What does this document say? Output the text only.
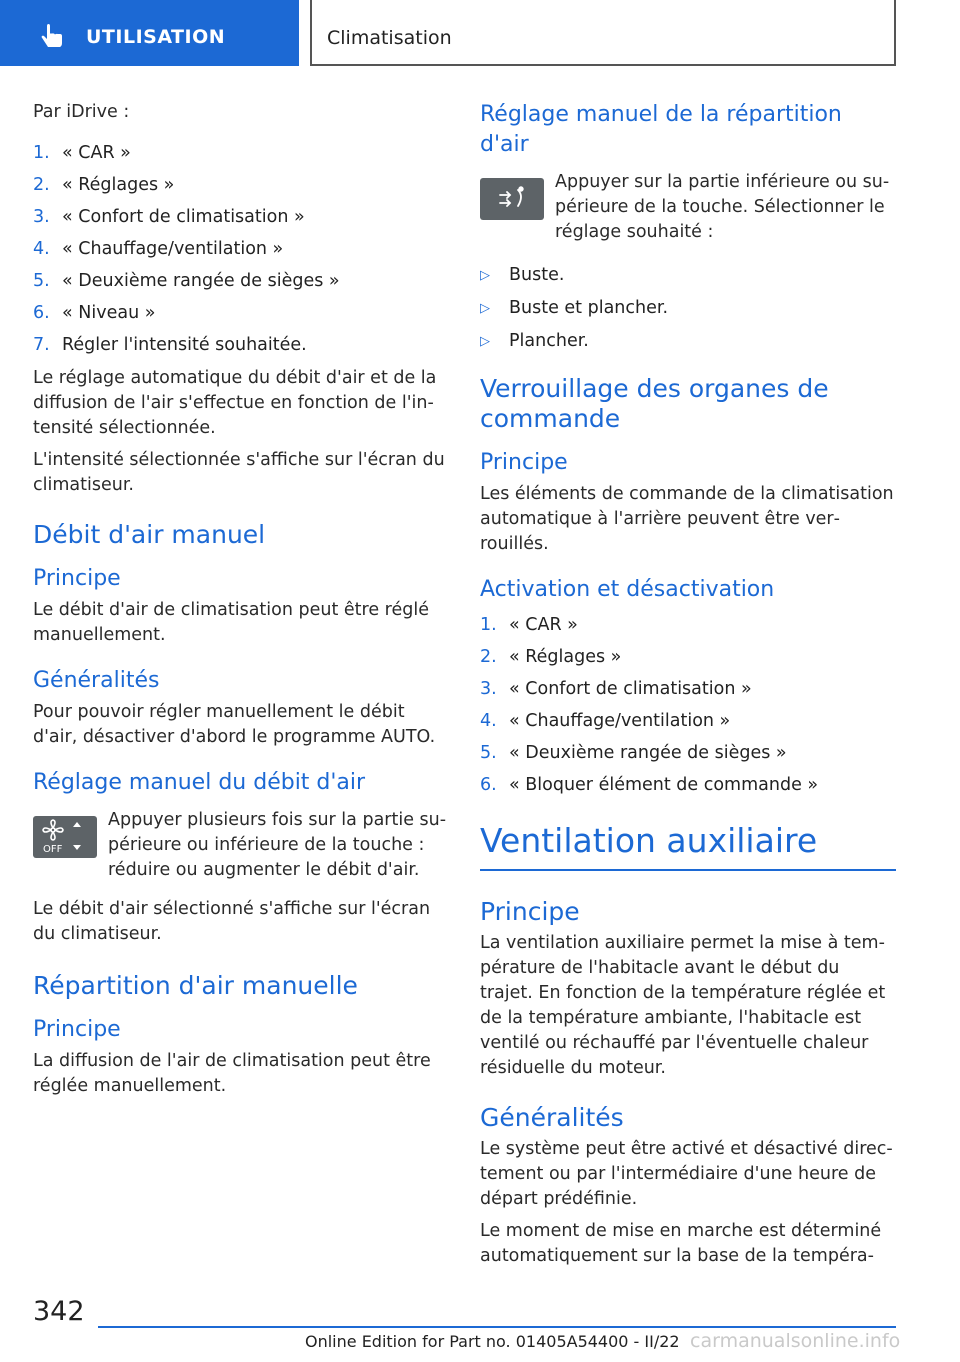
UTILISATION	Climatisation

Par iDrive :

1. « CAR »
2. « Réglages »
3. « Confort de climatisation »
4. « Chauffage/ventilation »
5. « Deuxième rangée de sièges »
6. « Niveau »
7. Régler l'intensité souhaitée.

Le réglage automatique du débit d'air et de la diffusion de l'air s'effectue en fonction de l'intensité sélectionnée.

L'intensité sélectionnée s'affiche sur l'écran du climatiseur.

Débit d'air manuel
Principe

Le débit d'air de climatisation peut être réglé manuellement.

Généralités

Pour pouvoir régler manuellement le débit d'air, désactiver d'abord le programme AUTO.

Réglage manuel du débit d'air
OFF

Appuyer plusieurs fois sur la partie supérieure ou inférieure de la touche : réduire ou augmenter le débit d'air.

Le débit d'air sélectionné s'affiche sur l'écran du climatiseur.

Répartition d'air manuelle
Principe

La diffusion de l'air de climatisation peut être réglée manuellement.

Réglage manuel de la répartition d'air

Appuyer sur la partie inférieure ou supérieure de la touche. Sélectionner le réglage souhaité :

▷	Buste.
▷	Buste et plancher.
▷	Plancher.
Verrouillage des organes de commande
Principe

Les éléments de commande de la climatisation automatique à l'arrière peuvent être verrouillés.

Activation et désactivation
1. « CAR »
2. « Réglages »
3. « Confort de climatisation »
4. « Chauffage/ventilation »
5. « Deuxième rangée de sièges »
6. « Bloquer élément de commande »
Ventilation auxiliaire
Principe

La ventilation auxiliaire permet la mise à température de l'habitacle avant le début du trajet. En fonction de la température réglée et de la température ambiante, l'habitacle est ventilé ou réchauffé par l'éventuelle chaleur résiduelle du moteur.

Généralités

Le système peut être activé et désactivé directement ou par l'intermédiaire d'une heure de départ prédéfinie.

Le moment de mise en marche est déterminé automatiquement sur la base de la tempéra-

342
Online Edition for Part no. 01405A54400 - II/22 carmanualsonline.info
